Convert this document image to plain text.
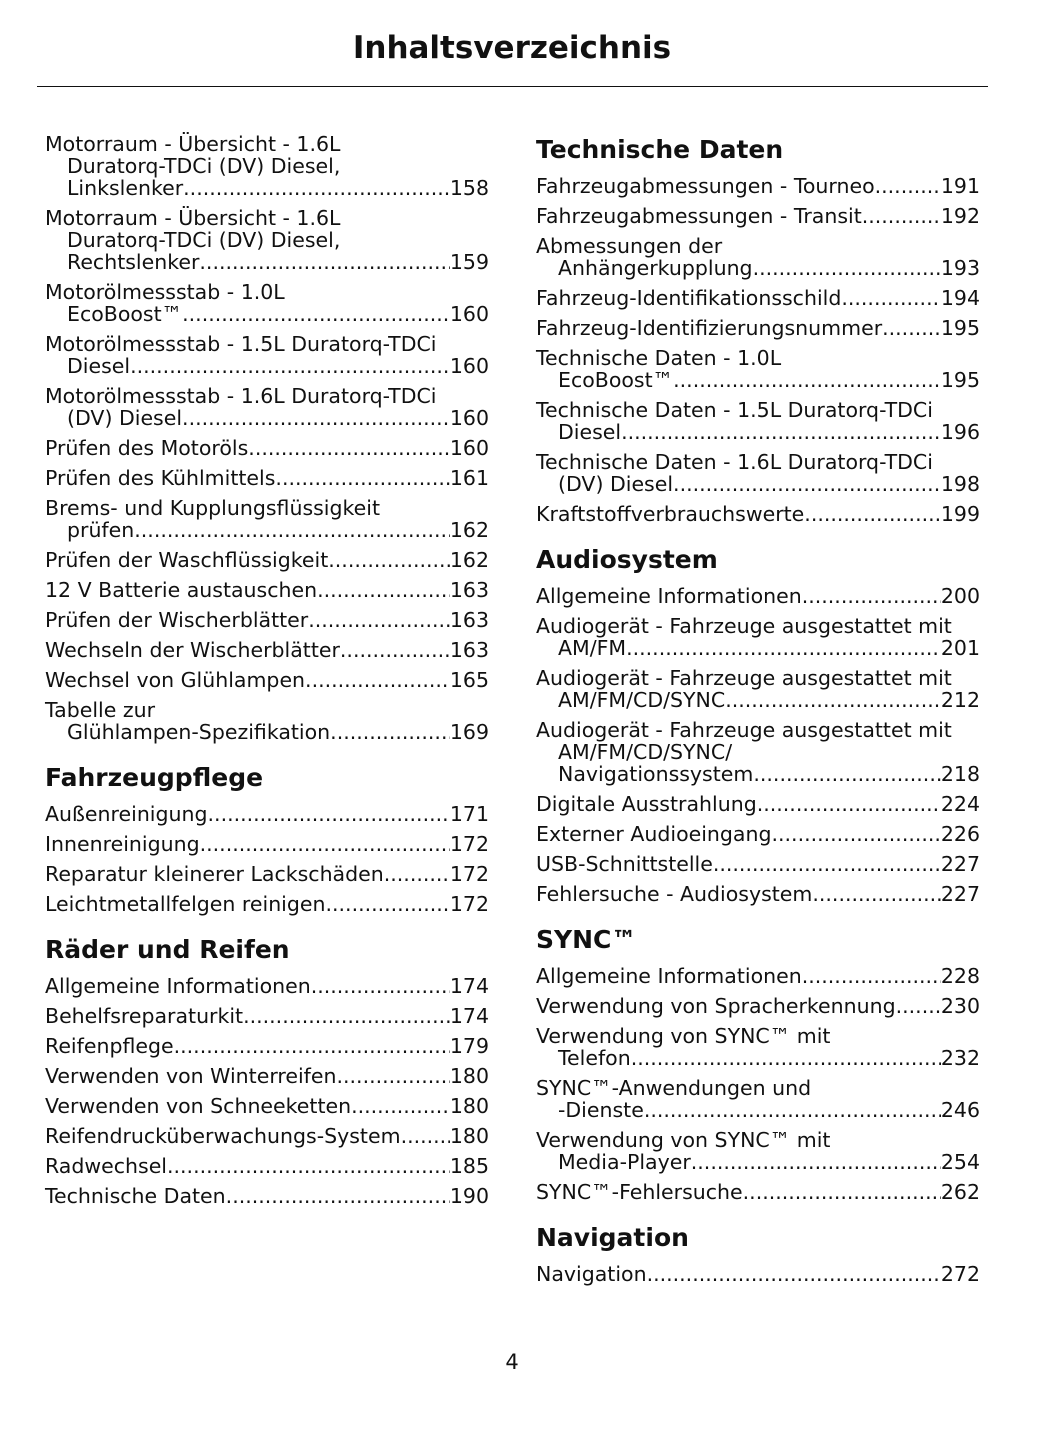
Inhaltsverzeichnis
Motorraum - Übersicht - 1.6L
Duratorq-TDCi (DV) Diesel,
Linkslenker .....	158
Motorraum - Übersicht - 1.6L
Duratorq-TDCi (DV) Diesel,
Rechtslenker .....	159
Motorölmessstab - 1.0L
EcoBoost™ .....	160
Motorölmessstab - 1.5L Duratorq-TDCi
Diesel .....	160
Motorölmessstab - 1.6L Duratorq-TDCi
(DV) Diesel .....	160
Prüfen des Motoröls .....	160
Prüfen des Kühlmittels .....	161
Brems- und Kupplungsflüssigkeit
prüfen .....	162
Prüfen der Waschflüssigkeit .....	162
12 V Batterie austauschen .....	163
Prüfen der Wischerblätter .....	163
Wechseln der Wischerblätter .....	163
Wechsel von Glühlampen .....	165
Tabelle zur
Glühlampen-Spezifikation .....	169
Fahrzeugpflege
Außenreinigung .....	171
Innenreinigung .....	172
Reparatur kleinerer Lackschäden .....	172
Leichtmetallfelgen reinigen .....	172
Räder und Reifen
Allgemeine Informationen .....	174
Behelfsreparaturkit .....	174
Reifenpflege .....	179
Verwenden von Winterreifen .....	180
Verwenden von Schneeketten .....	180
Reifendrucküberwachungs-System ..... 180
Radwechsel .....	185
Technische Daten .....	190
Technische Daten
Fahrzeugabmessungen - Tourneo .....	191
Fahrzeugabmessungen - Transit .....	192
Abmessungen der
Anhängerkupplung .....	193
Fahrzeug-Identifikationsschild .....	194
Fahrzeug-Identifizierungsnummer .....	195
Technische Daten - 1.0L
EcoBoost™ .....	195
Technische Daten - 1.5L Duratorq-TDCi
Diesel .....	196
Technische Daten - 1.6L Duratorq-TDCi
(DV) Diesel .....	198
Kraftstoffverbrauchswerte .....	199
Audiosystem
Allgemeine Informationen .....	200
Audiogerät - Fahrzeuge ausgestattet mit
AM/FM .....	201
Audiogerät - Fahrzeuge ausgestattet mit
AM/FM/CD/SYNC .....	212
Audiogerät - Fahrzeuge ausgestattet mit
AM/FM/CD/SYNC/
Navigationssystem .....	218
Digitale Ausstrahlung .....	224
Externer Audioeingang .....	226
USB-Schnittstelle .....	227
Fehlersuche - Audiosystem .....	227
SYNC™
Allgemeine Informationen .....	228
Verwendung von Spracherkennung ..... 230
Verwendung von SYNC™ mit
Telefon .....	232
SYNC™-Anwendungen und
-Dienste .....	246
Verwendung von SYNC™ mit
Media-Player .....	254
SYNC™-Fehlersuche .....	262
Navigation
Navigation .....	272
4
